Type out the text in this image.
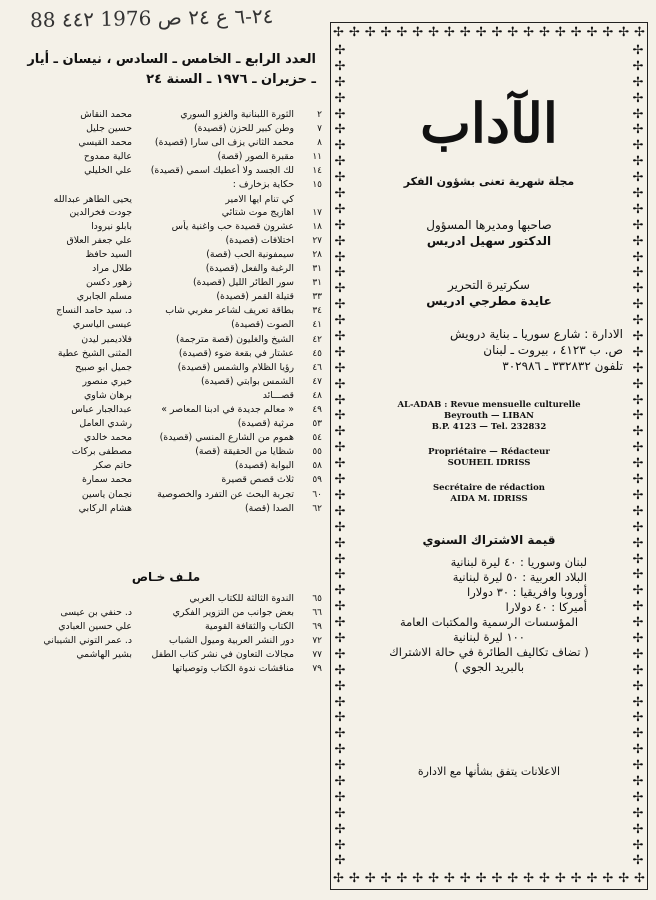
88 ٢٤-٦ ع ٢٤ ص 1976 ٤٤٢
العدد الرابع ـ الخامس ـ السادس ، نيسان ـ أيار
ـ حزيران ـ ١٩٧٦ ـ السنة ٢٤
٢
الثورة اللبنانية والغزو السوري
محمد النقاش
٧
وطن كبير للحزن (قصيدة)
حسين جليل
٨
محمد الثاني يزف الى سارا (قصيدة)
محمد القيسي
١١
مقبرة الصور (قصة)
عالية ممدوح
١٤
لك الجسد ولا أعطيك اسمي (قصيدة)
علي الخليلي
١٥
حكاية بزخارف :
كي تنام ايها الامير
يحيى الطاهر عبدالله
١٧
اهازيج موت شتائي
جودت فخرالدين
١٨
عشرون قصيدة حب واغنية يأس
بابلو نيرودا
٢٧
اختلافات (قصيدة)
علي جعفر العلاق
٢٨
سيمفونية الحب (قصة)
السيد حافظ
٣١
الرغبة والفعل (قصيدة)
طلال مراد
٣١
سور الطائر الليل (قصيدة)
زهور دكسن
٣٣
قتيلة القمر (قصيدة)
مسلم الجابري
٣٤
بطاقة تعريف لشاعر مغربي شاب
د. سيد حامد النساج
٤١
الصوت (قصيدة)
عيسى الياسري
٤٢
الشيخ والغليون (قصة مترجمة)
فلاديمير ليدن
٤٥
عشتار في بقعة ضوء (قصيدة)
المثنى الشيخ عطية
٤٦
رؤيا الظلام والشمس (قصيدة)
جميل ابو صبيح
٤٧
الشمس بوابتي (قصيدة)
خيري منصور
٤٨
قصـــائد
برهان شاوي
٤٩
« معالم جديدة في ادبنا المعاصر »
عبدالجبار عباس
٥٣
مرثية (قصيدة)
رشدي العامل
٥٤
هموم من الشارع المنسي (قصيدة)
محمد خالدي
٥٥
شظايا من الحقيقة (قصة)
مصطفى بركات
٥٨
البوابة (قصيدة)
حاتم صكر
٥٩
ثلاث قصص قصيرة
محمد سمارة
٦٠
تجربة البحث عن التفرد والخصوصية
نجمان ياسين
٦٢
الصدا (قصة)
هشام الركابي
ملـف خـاص
٦٥
الندوة الثالثة للكتاب العربي
٦٦
بعض جوانب من التزوير الفكري
د. حنفي بن عيسى
٦٩
الكتاب والثقافة القومية
علي حسين العبادي
٧٢
دور النشر العربية وميول الشباب
د. عمر التوني الشيباني
٧٧
مجالات التعاون في نشر كتاب الطفل
بشير الهاشمي
٧٩
مناقشات ندوة الكتاب وتوصياتها
✢ ✢ ✢ ✢ ✢ ✢ ✢ ✢ ✢ ✢ ✢ ✢ ✢ ✢ ✢ ✢ ✢ ✢ ✢ ✢
✢ ✢ ✢ ✢ ✢ ✢ ✢ ✢ ✢ ✢ ✢ ✢ ✢ ✢ ✢ ✢ ✢ ✢ ✢ ✢
✢
✢
✢
✢
✢
✢
✢
✢
✢
✢
✢
✢
✢
✢
✢
✢
✢
✢
✢
✢
✢
✢
✢
✢
✢
✢
✢
✢
✢
✢
✢
✢
✢
✢
✢
✢
✢
✢
✢
✢
✢
✢
✢
✢
✢
✢
✢
✢
✢
✢
✢
✢
✢
✢
✢
✢
✢
✢
✢
✢
✢
✢
✢
✢
✢
✢
✢
✢
✢
✢
✢
✢
✢
✢
✢
✢
✢
✢
✢
✢
✢
✢
✢
✢
✢
✢
✢
✢
✢
✢
✢
✢
✢
✢
✢
✢
✢
✢
✢
✢
✢
✢
✢
✢
الآداب
مجلة شهرية تعنى بشؤون الفكر
صاحبها ومديرها المسؤول
الدكتور سهيل ادريس
سكرتيرة التحرير
عايدة مطرجي ادريس
الادارة : شارع سوريا ـ بناية درويش
ص. ب ٤١٢٣ ، بيروت ـ لبنان
تلفون ٣٣٢٨٣٢ ـ ٣٠٢٩٨٦
AL-ADAB : Revue mensuelle culturelle
Beyrouth — LIBAN
B.P. 4123 — Tel. 232832
Propriétaire — Rédacteur
SOUHEIL IDRISS
Secrétaire de rédaction
AIDA M. IDRISS
قيمة الاشتراك السنوي
لبنان وسوريا : ٤٠ ليرة لبنانية
البلاد العربية : ٥٠ ليرة لبنانية
أوروبا وافريقيا : ٣٠ دولارا
أميركا : ٤٠ دولارا
المؤسسات الرسمية والمكتبات العامة
١٠٠ ليرة لبنانية
( تضاف تكاليف الطائرة في حالة الاشتراك
بالبريد الجوي )
الاعلانات يتفق بشأنها مع الادارة
